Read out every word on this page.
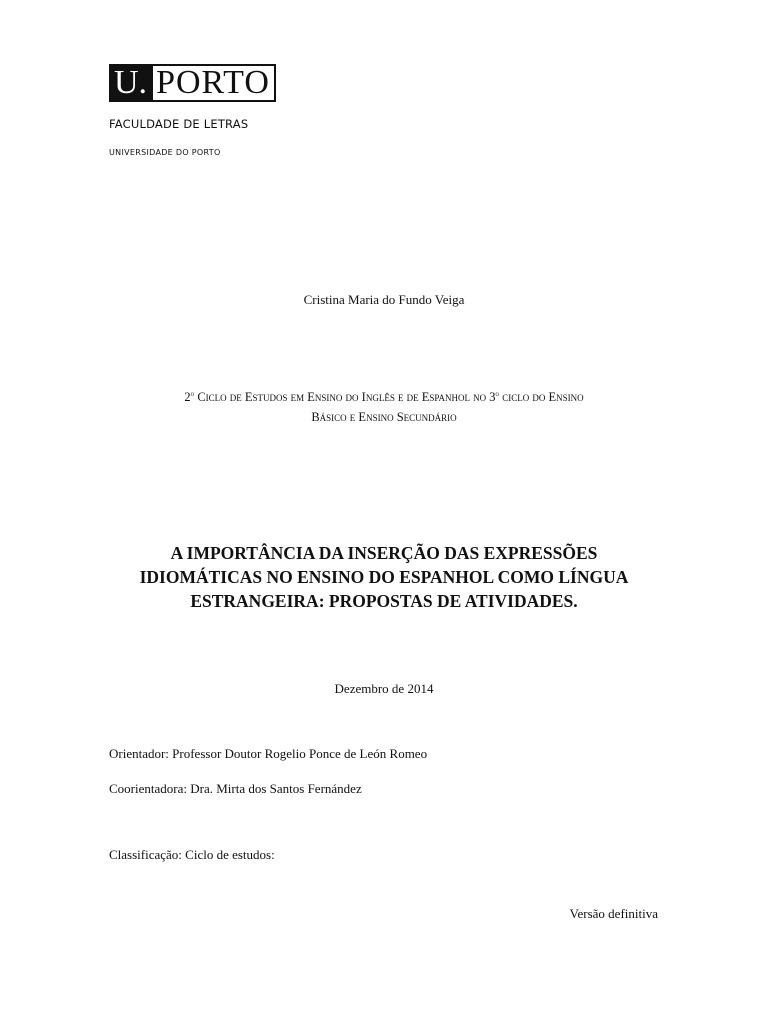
U. PORTO
FACULDADE DE LETRAS
UNIVERSIDADE DO PORTO
Cristina Maria do Fundo Veiga
2$^o$ Ciclo de Estudos em Ensino do Inglês e de Espanhol no 3$^o$ ciclo do Ensino
Básico e Ensino Secundário
A IMPORTÂNCIA DA INSERÇÃO DAS EXPRESSÕES
IDIOMÁTICAS NO ENSINO DO ESPANHOL COMO LÍNGUA
ESTRANGEIRA: PROPOSTAS DE ATIVIDADES.
Dezembro de 2014
Orientador: Professor Doutor Rogelio Ponce de León Romeo
Coorientadora: Dra. Mirta dos Santos Fernández
Classificação: Ciclo de estudos:
Versão definitiva
